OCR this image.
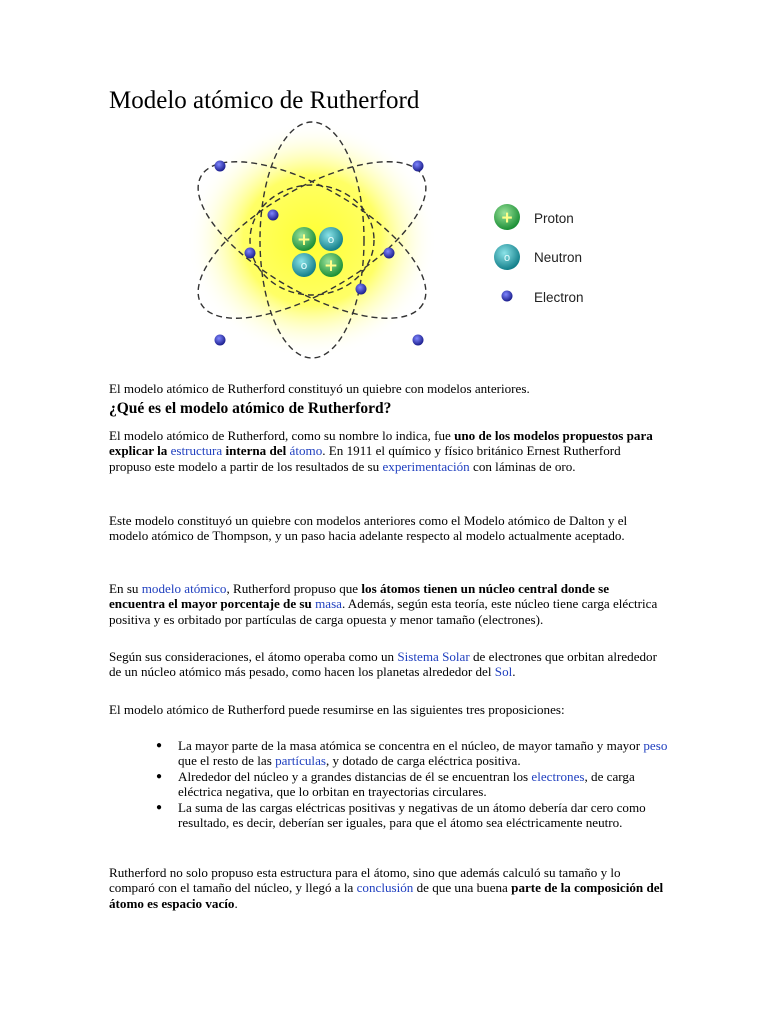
Modelo atómico de Rutherford
+ o
o +
+ Proton
o Neutron
Electron

El modelo atómico de Rutherford constituyó un quiebre con modelos anteriores.

¿Qué es el modelo atómico de Rutherford?

El modelo atómico de Rutherford, como su nombre lo indica, fue uno de los modelos propuestos para explicar la estructura interna del átomo. En 1911 el químico y físico británico Ernest Rutherford propuso este modelo a partir de los resultados de su experimentación con láminas de oro.

Este modelo constituyó un quiebre con modelos anteriores como el Modelo atómico de Dalton y el modelo atómico de Thompson, y un paso hacia adelante respecto al modelo actualmente aceptado.

En su modelo atómico, Rutherford propuso que los átomos tienen un núcleo central donde se encuentra el mayor porcentaje de su masa. Además, según esta teoría, este núcleo tiene carga eléctrica positiva y es orbitado por partículas de carga opuesta y menor tamaño (electrones).

Según sus consideraciones, el átomo operaba como un Sistema Solar de electrones que orbitan alrededor de un núcleo atómico más pesado, como hacen los planetas alrededor del Sol.

El modelo atómico de Rutherford puede resumirse en las siguientes tres proposiciones:

● La mayor parte de la masa atómica se concentra en el núcleo, de mayor tamaño y mayor peso que el resto de las partículas, y dotado de carga eléctrica positiva.
● Alrededor del núcleo y a grandes distancias de él se encuentran los electrones, de carga eléctrica negativa, que lo orbitan en trayectorias circulares.
● La suma de las cargas eléctricas positivas y negativas de un átomo debería dar cero como resultado, es decir, deberían ser iguales, para que el átomo sea eléctricamente neutro.

Rutherford no solo propuso esta estructura para el átomo, sino que además calculó su tamaño y lo comparó con el tamaño del núcleo, y llegó a la conclusión de que una buena parte de la composición del átomo es espacio vacío.
